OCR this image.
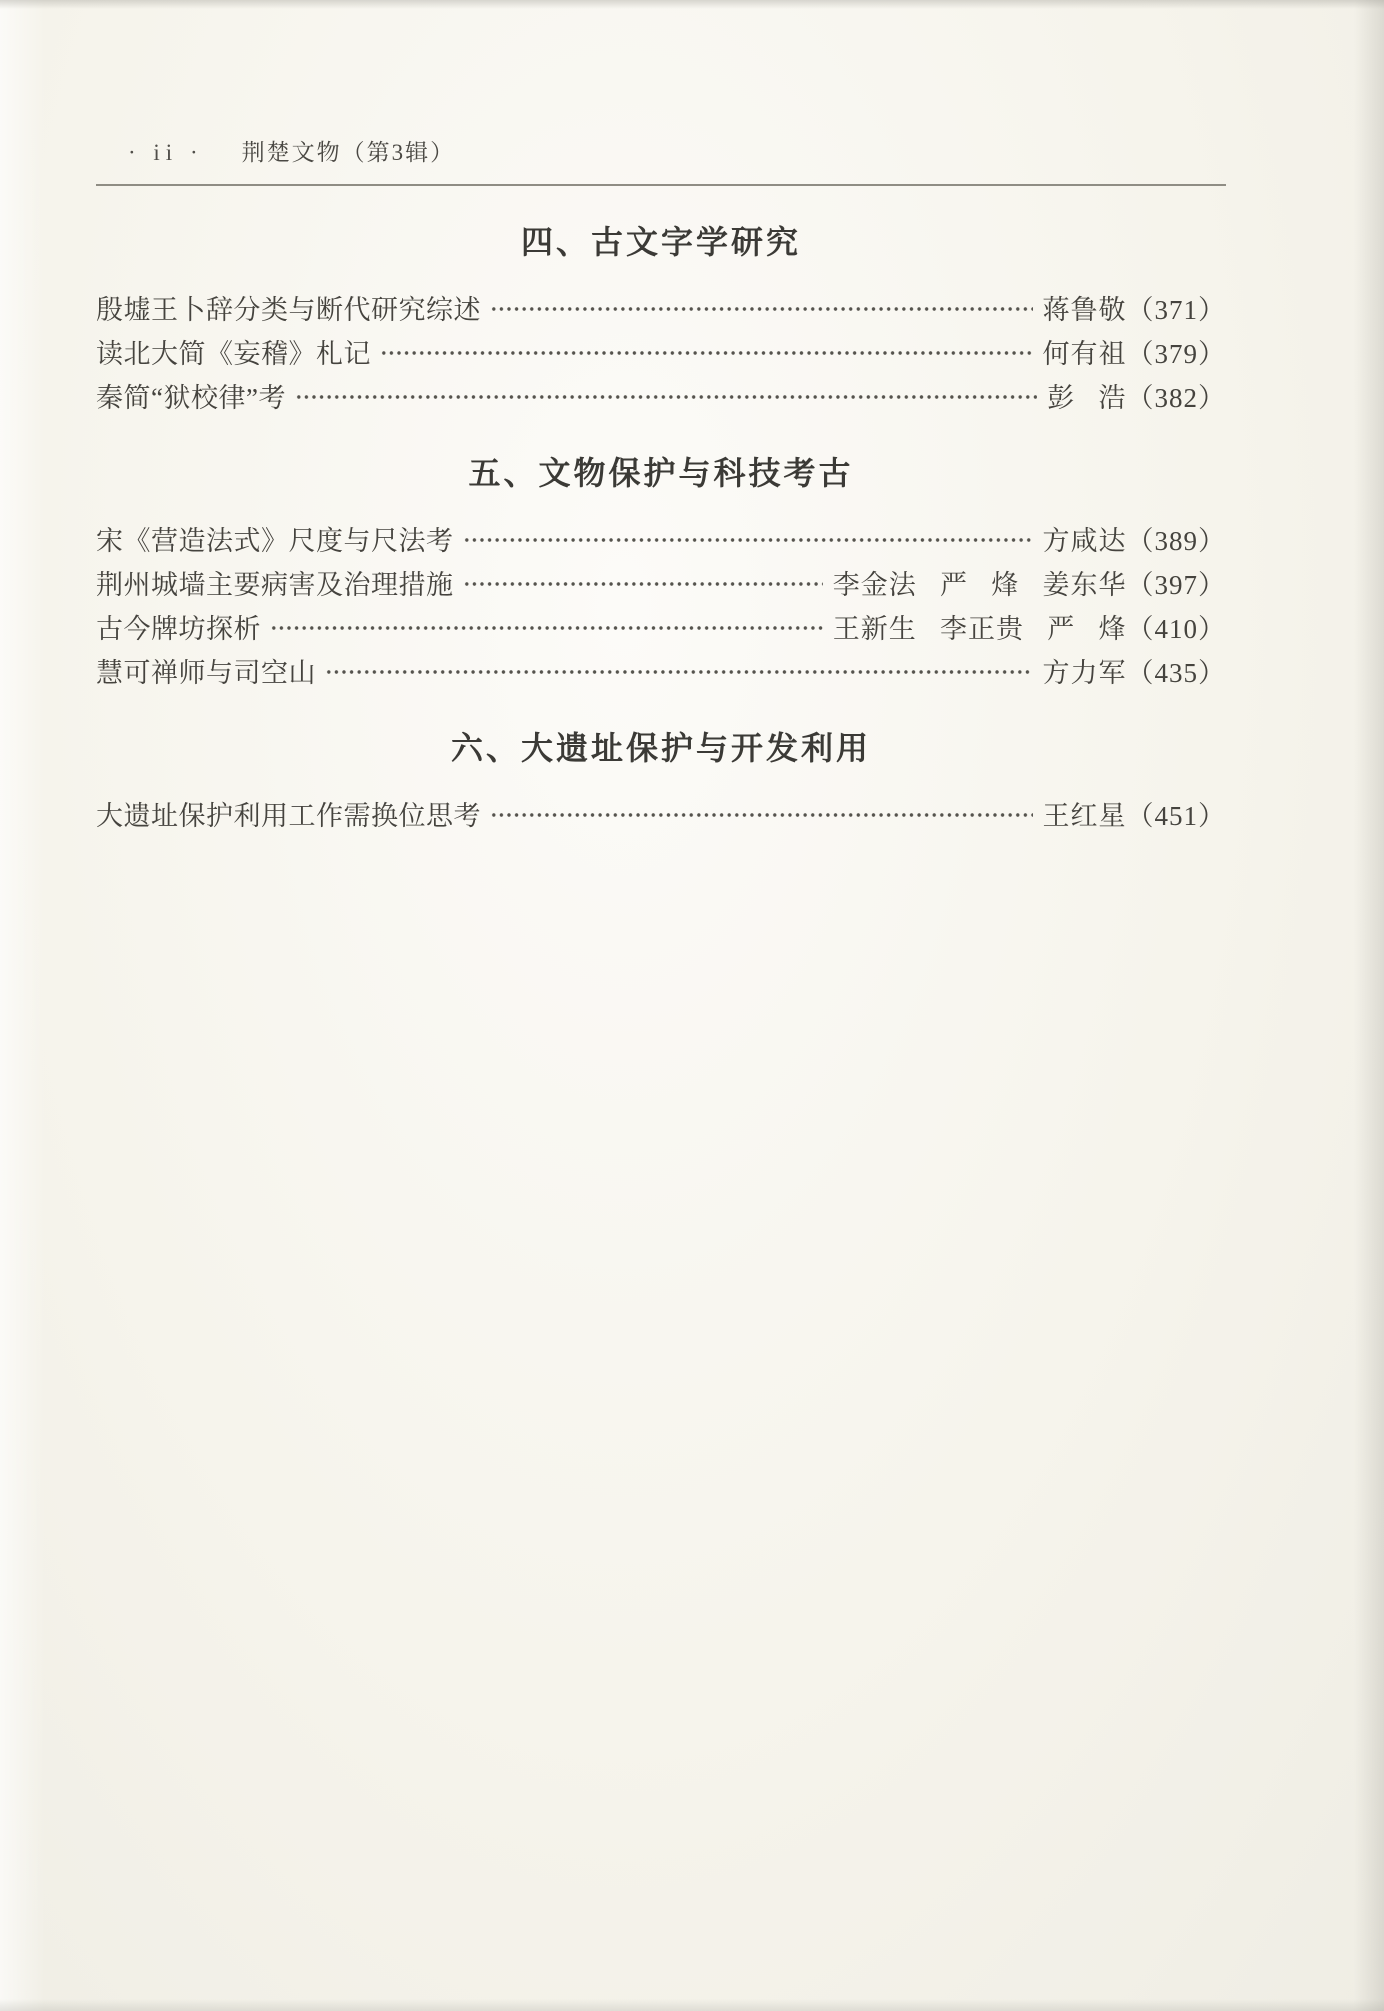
· ii · 荆楚文物（第3辑）
四、古文字学研究
殷墟王卜辞分类与断代研究综述	蒋鲁敬 （371）
读北大简《妄稽》札记	何有祖 （379）
秦简“狱校律”考	彭   浩 （382）
五、文物保护与科技考古
宋《营造法式》尺度与尺法考	方咸达 （389）
荆州城墙主要病害及治理措施	李金法   严   烽   姜东华 （397）
古今牌坊探析	王新生   李正贵   严   烽 （410）
慧可禅师与司空山	方力军 （435）
六、大遗址保护与开发利用
大遗址保护利用工作需换位思考	王红星 （451）
